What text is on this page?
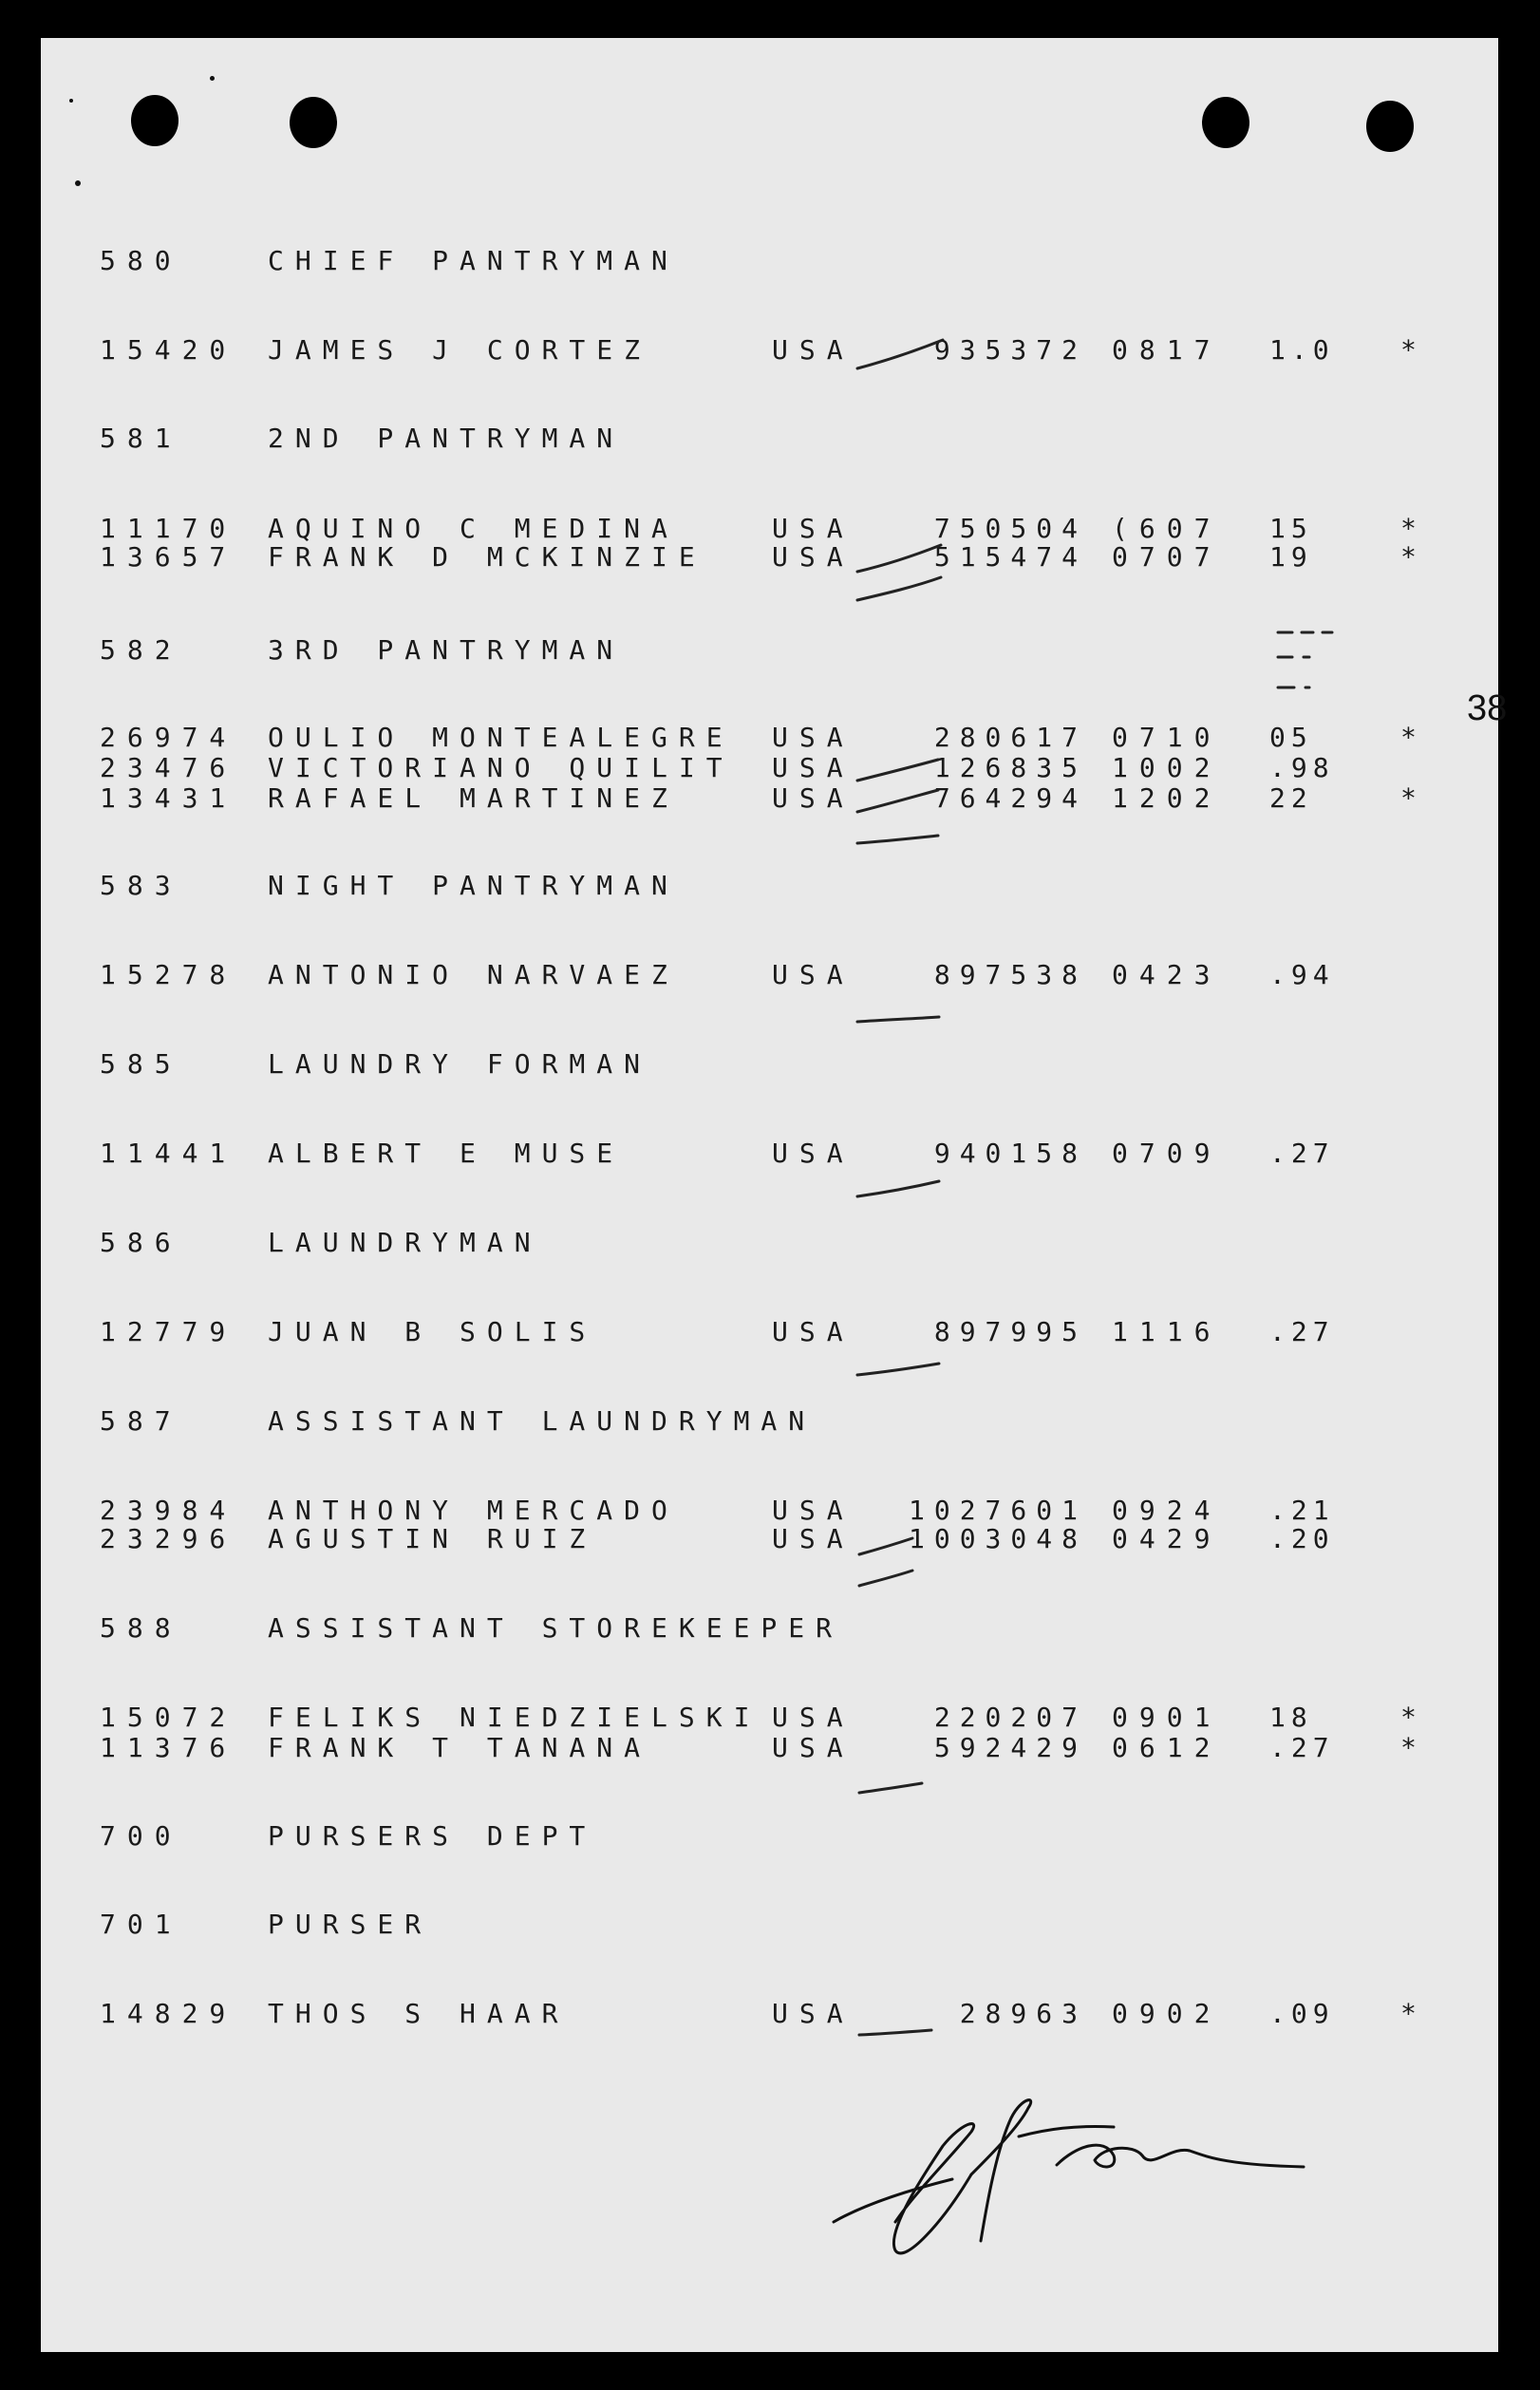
38
580	CHIEF PANTRYMAN
15420 JAMES J CORTEZ	USA	935372 0817 1.0 *
581	2ND PANTRYMAN
11170 AQUINO C MEDINA	USA	750504 (607 15	*
13657 FRANK D MCKINZIE USA	515474 0707 19	*
582	3RD PANTRYMAN
26974 OULIO MONTEALEGRE USA	280617 0710 05	*
23476 VICTORIANO QUILIT USA	126835 1002 .98
13431 RAFAEL MARTINEZ	USA	764294 1202 22	*
583	NIGHT PANTRYMAN
15278 ANTONIO NARVAEZ	USA	897538 0423 .94
585	LAUNDRY FORMAN
11441 ALBERT E MUSE	USA	940158 0709 .27
586	LAUNDRYMAN
12779 JUAN B SOLIS	USA	897995 1116 .27
587	ASSISTANT LAUNDRYMAN
23984 ANTHONY MERCADO	USA	1027601 0924 .21
23296 AGUSTIN RUIZ	USA	1003048 0429 .20
588	ASSISTANT STOREKEEPER
15072 FELIKS NIEDZIELSKI USA	220207 0901 18	*
11376 FRANK T TANANA	USA	592429 0612 .27 *
700	PURSERS DEPT
701	PURSER
14829 THOS S HAAR	USA	28963 0902 .09 *
